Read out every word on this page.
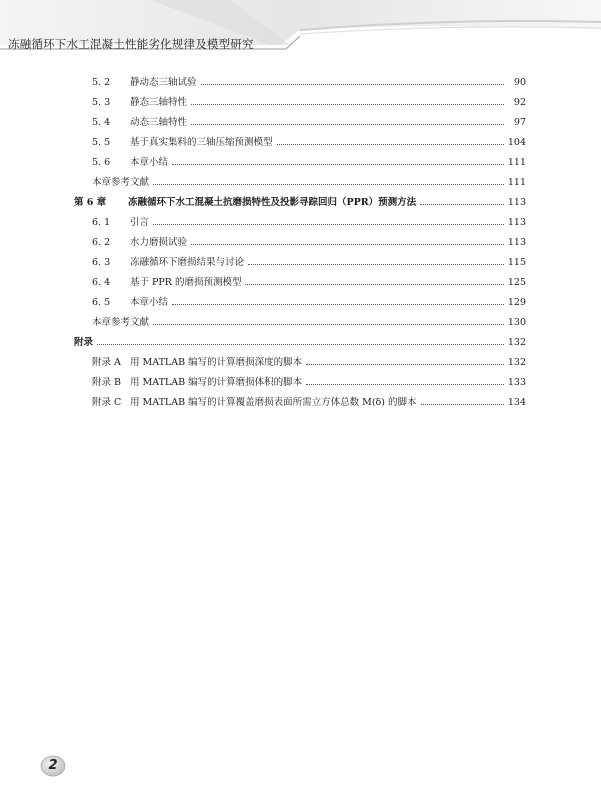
冻融循环下水工混凝土性能劣化规律及模型研究
5. 2	静动态三轴试验	90
5. 3	静态三轴特性	92
5. 4	动态三轴特性	97
5. 5	基于真实集料的三轴压缩预测模型	104
5. 6	本章小结	111
本章参考文献	111
第 6 章	冻融循环下水工混凝土抗磨损特性及投影寻踪回归（PPR）预测方法	113
6. 1	引言	113
6. 2	水力磨损试验	113
6. 3	冻融循环下磨损结果与讨论	115
6. 4	基于 PPR 的磨损预测模型	125
6. 5	本章小结	129
本章参考文献	130
附录	132
附录 A 用 MATLAB 编写的计算磨损深度的脚本	132
附录 B 用 MATLAB 编写的计算磨损体积的脚本	133
附录 C 用 MATLAB 编写的计算覆盖磨损表面所需立方体总数 M(δ) 的脚本	134
2
